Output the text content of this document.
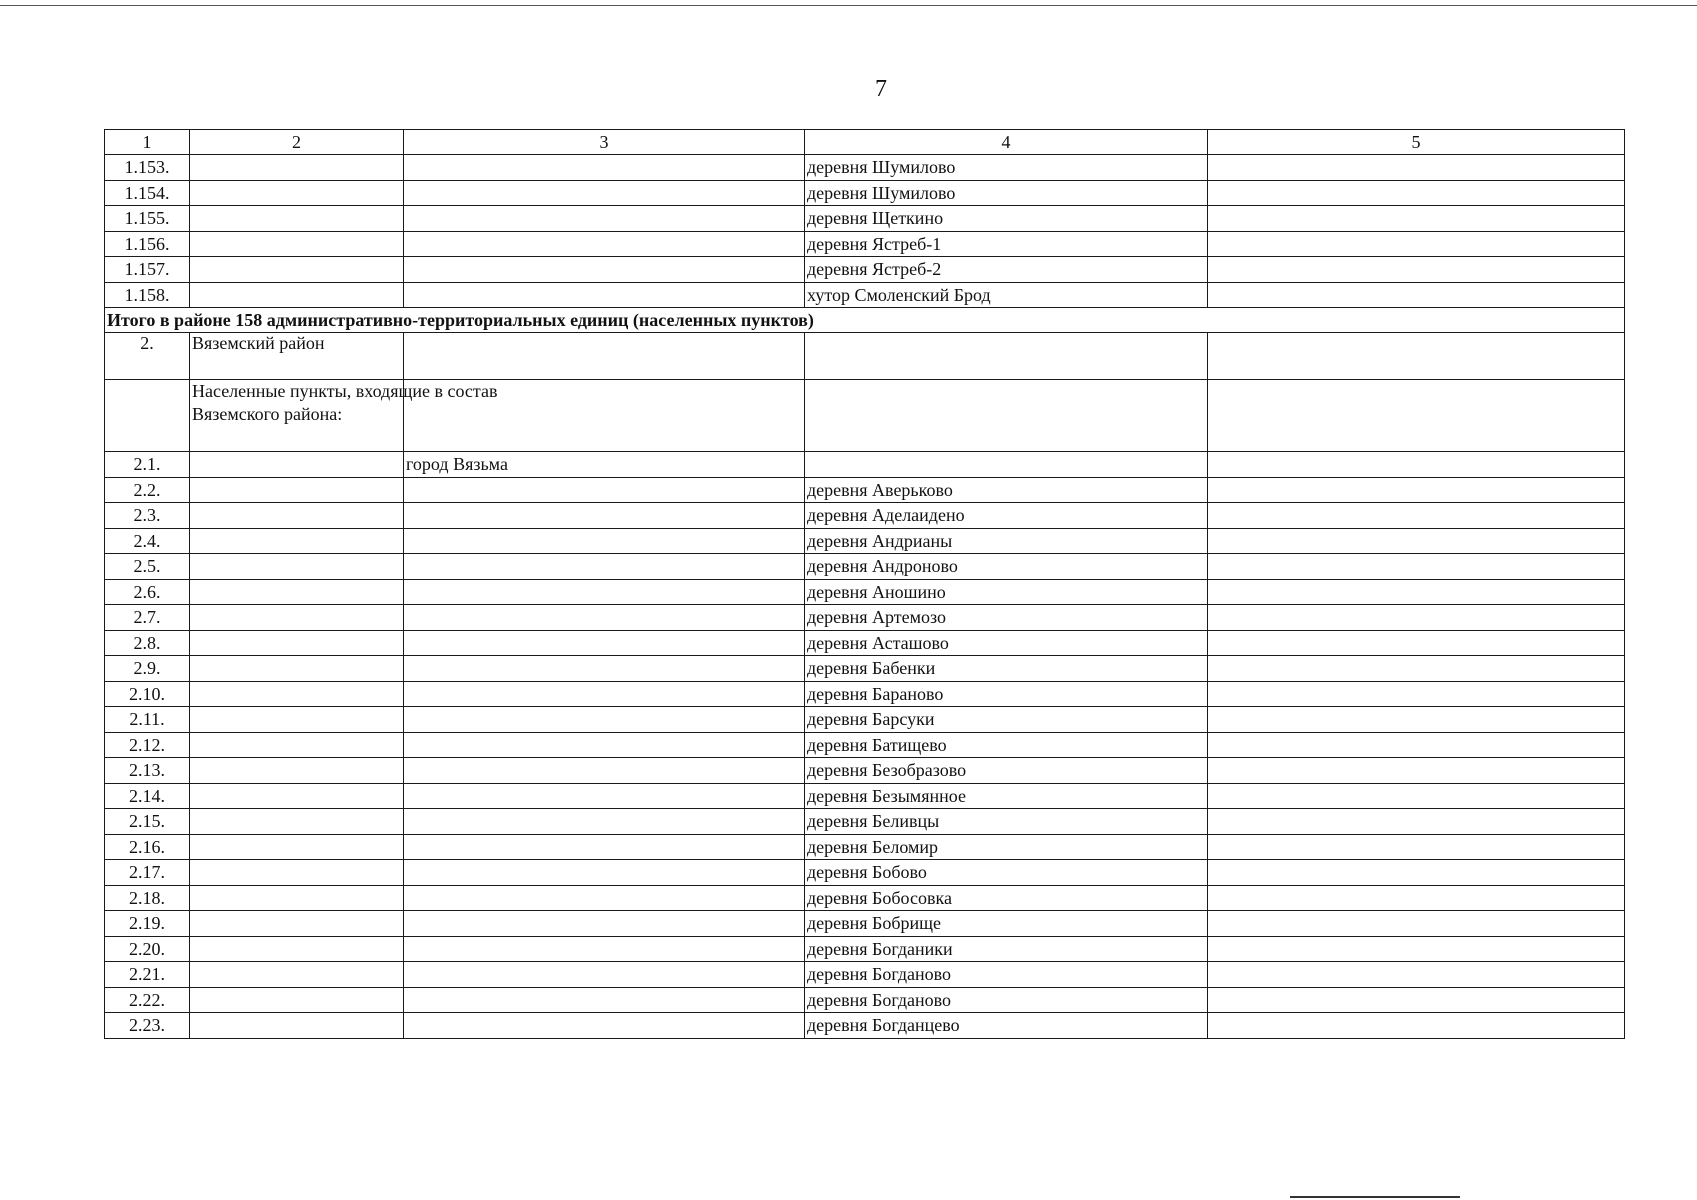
7
1	2	3	4	5
1.153.			деревня Шумилово	
1.154.			деревня Шумилово	
1.155.			деревня Щеткино	
1.156.			деревня Ястреб-1	
1.157.			деревня Ястреб-2	
1.158.			хутор Смоленский Брод	
Итого в районе 158 административно-территориальных единиц (населенных пунктов)				
2.	Вяземский район			
	Населенные пункты, входящие в состав
Вяземского района:			

2.1.		город Вязьма		
2.2.			деревня Аверьково	
2.3.			деревня Аделаидено	
2.4.			деревня Андрианы	
2.5.			деревня Андроново	
2.6.			деревня Аношино	
2.7.			деревня Артемозо	
2.8.			деревня Асташово	
2.9.			деревня Бабенки	
2.10.			деревня Бараново	
2.11.			деревня Барсуки	
2.12.			деревня Батищево	
2.13.			деревня Безобразово	
2.14.			деревня Безымянное	
2.15.			деревня Беливцы	
2.16.			деревня Беломир	
2.17.			деревня Бобово	
2.18.			деревня Бобосовка	
2.19.			деревня Бобрище	
2.20.			деревня Богданики	
2.21.			деревня Богданово	
2.22.			деревня Богданово	
2.23.			деревня Богданцево	
